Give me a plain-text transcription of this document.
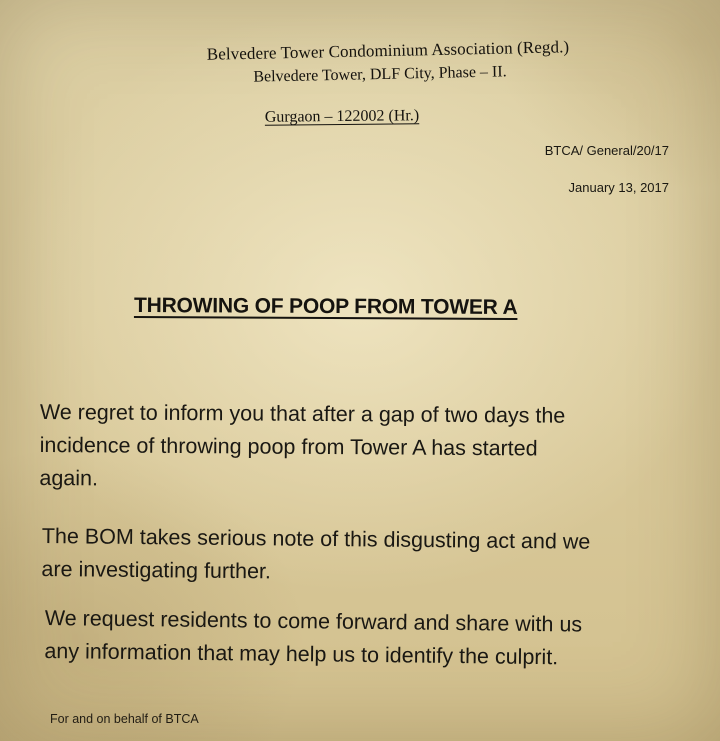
Belvedere Tower Condominium Association (Regd.)
Belvedere Tower, DLF City, Phase – II.
Gurgaon – 122002 (Hr.)
BTCA/ General/20/17
January 13, 2017
THROWING OF POOP FROM TOWER A
We regret to inform you that after a gap of two days the
incidence of throwing poop from Tower A has started
again.
The BOM takes serious note of this disgusting act and we
are investigating further.
We request residents to come forward and share with us
any information that may help us to identify the culprit.
For and on behalf of BTCA
